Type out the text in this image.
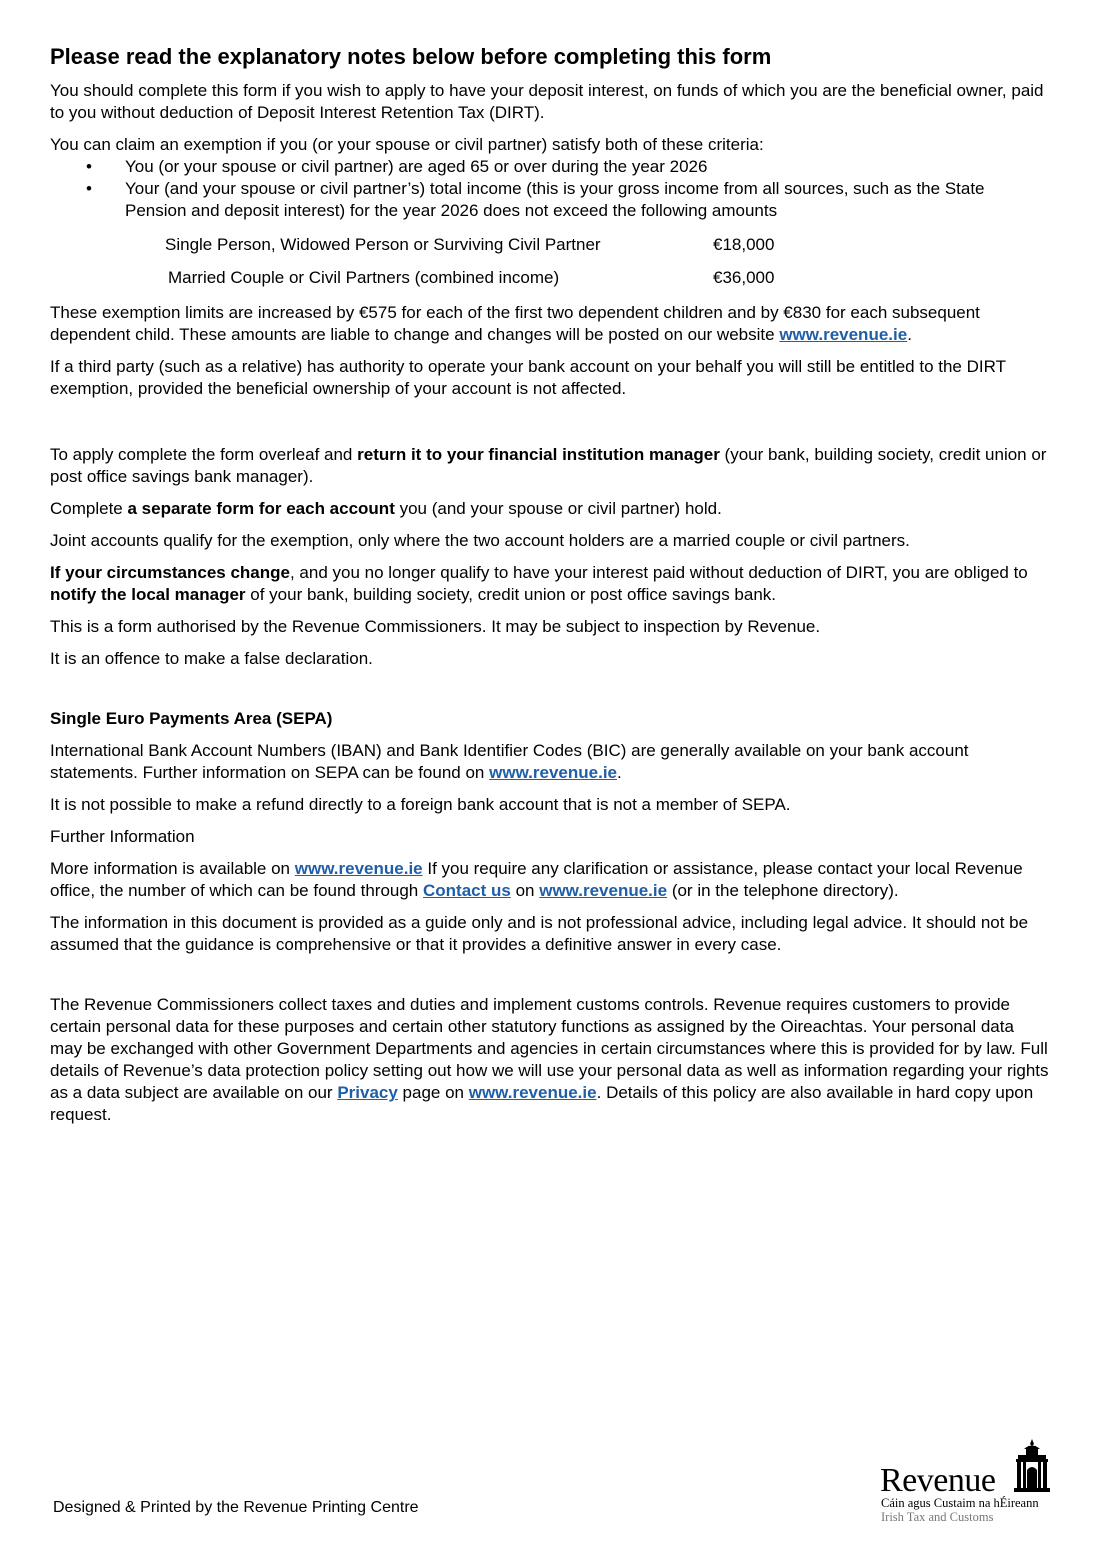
Please read the explanatory notes below before completing this form

You should complete this form if you wish to apply to have your deposit interest, on funds of which you are the beneficial owner, paid to you without deduction of Deposit Interest Retention Tax (DIRT).

You can claim an exemption if you (or your spouse or civil partner) satisfy both of these criteria:

• You (or your spouse or civil partner) are aged 65 or over during the year 2026
• Your (and your spouse or civil partner’s) total income (this is your gross income from all sources, such as the State Pension and deposit interest) for the year 2026 does not exceed the following amounts
Single Person, Widowed Person or Surviving Civil Partner	€18,000
Married Couple or Civil Partners (combined income)	€36,000

These exemption limits are increased by €575 for each of the first two dependent children and by €830 for each subsequent dependent child. These amounts are liable to change and changes will be posted on our website www.revenue.ie.

If a third party (such as a relative) has authority to operate your bank account on your behalf you will still be entitled to the DIRT exemption, provided the beneficial ownership of your account is not affected.

To apply complete the form overleaf and return it to your financial institution manager (your bank, building society, credit union or post office savings bank manager).

Complete a separate form for each account you (and your spouse or civil partner) hold.

Joint accounts qualify for the exemption, only where the two account holders are a married couple or civil partners.

If your circumstances change, and you no longer qualify to have your interest paid without deduction of DIRT, you are obliged to notify the local manager of your bank, building society, credit union or post office savings bank.

This is a form authorised by the Revenue Commissioners. It may be subject to inspection by Revenue.

It is an offence to make a false declaration.

Single Euro Payments Area (SEPA)

International Bank Account Numbers (IBAN) and Bank Identifier Codes (BIC) are generally available on your bank account statements. Further information on SEPA can be found on www.revenue.ie.

It is not possible to make a refund directly to a foreign bank account that is not a member of SEPA.

Further Information

More information is available on www.revenue.ie If you require any clarification or assistance, please contact your local Revenue office, the number of which can be found through Contact us on www.revenue.ie (or in the telephone directory).

The information in this document is provided as a guide only and is not professional advice, including legal advice. It should not be assumed that the guidance is comprehensive or that it provides a definitive answer in every case.

The Revenue Commissioners collect taxes and duties and implement customs controls. Revenue requires customers to provide certain personal data for these purposes and certain other statutory functions as assigned by the Oireachtas. Your personal data may be exchanged with other Government Departments and agencies in certain circumstances where this is provided for by law. Full details of Revenue’s data protection policy setting out how we will use your personal data as well as information regarding your rights as a data subject are available on our Privacy page on www.revenue.ie. Details of this policy are also available in hard copy upon request.

Designed & Printed by the Revenue Printing Centre
Revenue
Cáin agus Custaim na hÉireann
Irish Tax and Customs
